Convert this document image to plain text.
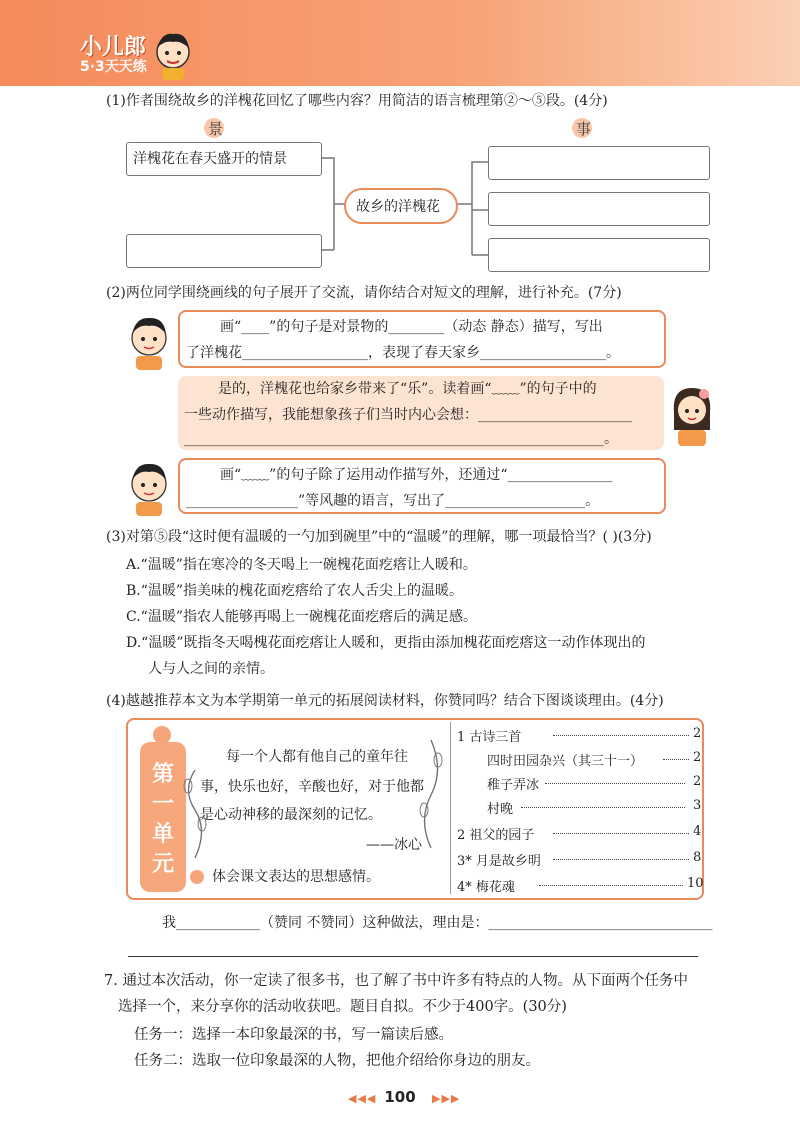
小儿郎
5·3天天练
(1)作者围绕故乡的洋槐花回忆了哪些内容？用简洁的语言梳理第②～⑤段。(4分)
景	事
洋槐花在春天盛开的情景
故乡的洋槐花
(2)两位同学围绕画线的句子展开了交流，请你结合对短文的理解，进行补充。(7分)
画“____”的句子是对景物的________（动态 静态）描写，写出
了洋槐花__________________，表现了春天家乡__________________。
是的，洋槐花也给家乡带来了“乐”。读着画“﹏﹏”的句子中的
一些动作描写，我能想象孩子们当时内心会想：______________________
____________________________________________________________。
画“﹏﹏”的句子除了运用动作描写外，还通过“_______________
________________”等风趣的语言，写出了____________________。
(3)对第⑤段“这时便有温暖的一勺加到碗里”中的“温暖”的理解，哪一项最恰当？( )(3分)
A.“温暖”指在寒冷的冬天喝上一碗槐花面疙瘩让人暖和。
B.“温暖”指美味的槐花面疙瘩给了农人舌尖上的温暖。
C.“温暖”指农人能够再喝上一碗槐花面疙瘩后的满足感。
D.“温暖”既指冬天喝槐花面疙瘩让人暖和，更指由添加槐花面疙瘩这一动作体现出的
人与人之间的亲情。
(4)越越推荐本文为本学期第一单元的拓展阅读材料，你赞同吗？结合下图谈谈理由。(4分)
第一单元
每一个人都有他自己的童年往
事，快乐也好，辛酸也好，对于他都
是心动神移的最深刻的记忆。
——冰心
体会课文表达的思想感情。
1 古诗三首	2
四时田园杂兴（其三十一）	2
稚子弄冰	2
村晚	3
2 祖父的园子	4
3* 月是故乡明	8
4* 梅花魂	10
我____________（赞同 不赞同）这种做法，理由是：________________________________
7. 通过本次活动，你一定读了很多书，也了解了书中许多有特点的人物。从下面两个任务中
选择一个，来分享你的活动收获吧。题目自拟。不少于400字。(30分)
任务一：选择一本印象最深的书，写一篇读后感。
任务二：选取一位印象最深的人物，把他介绍给你身边的朋友。
◀◀◀ 100	▶▶▶
